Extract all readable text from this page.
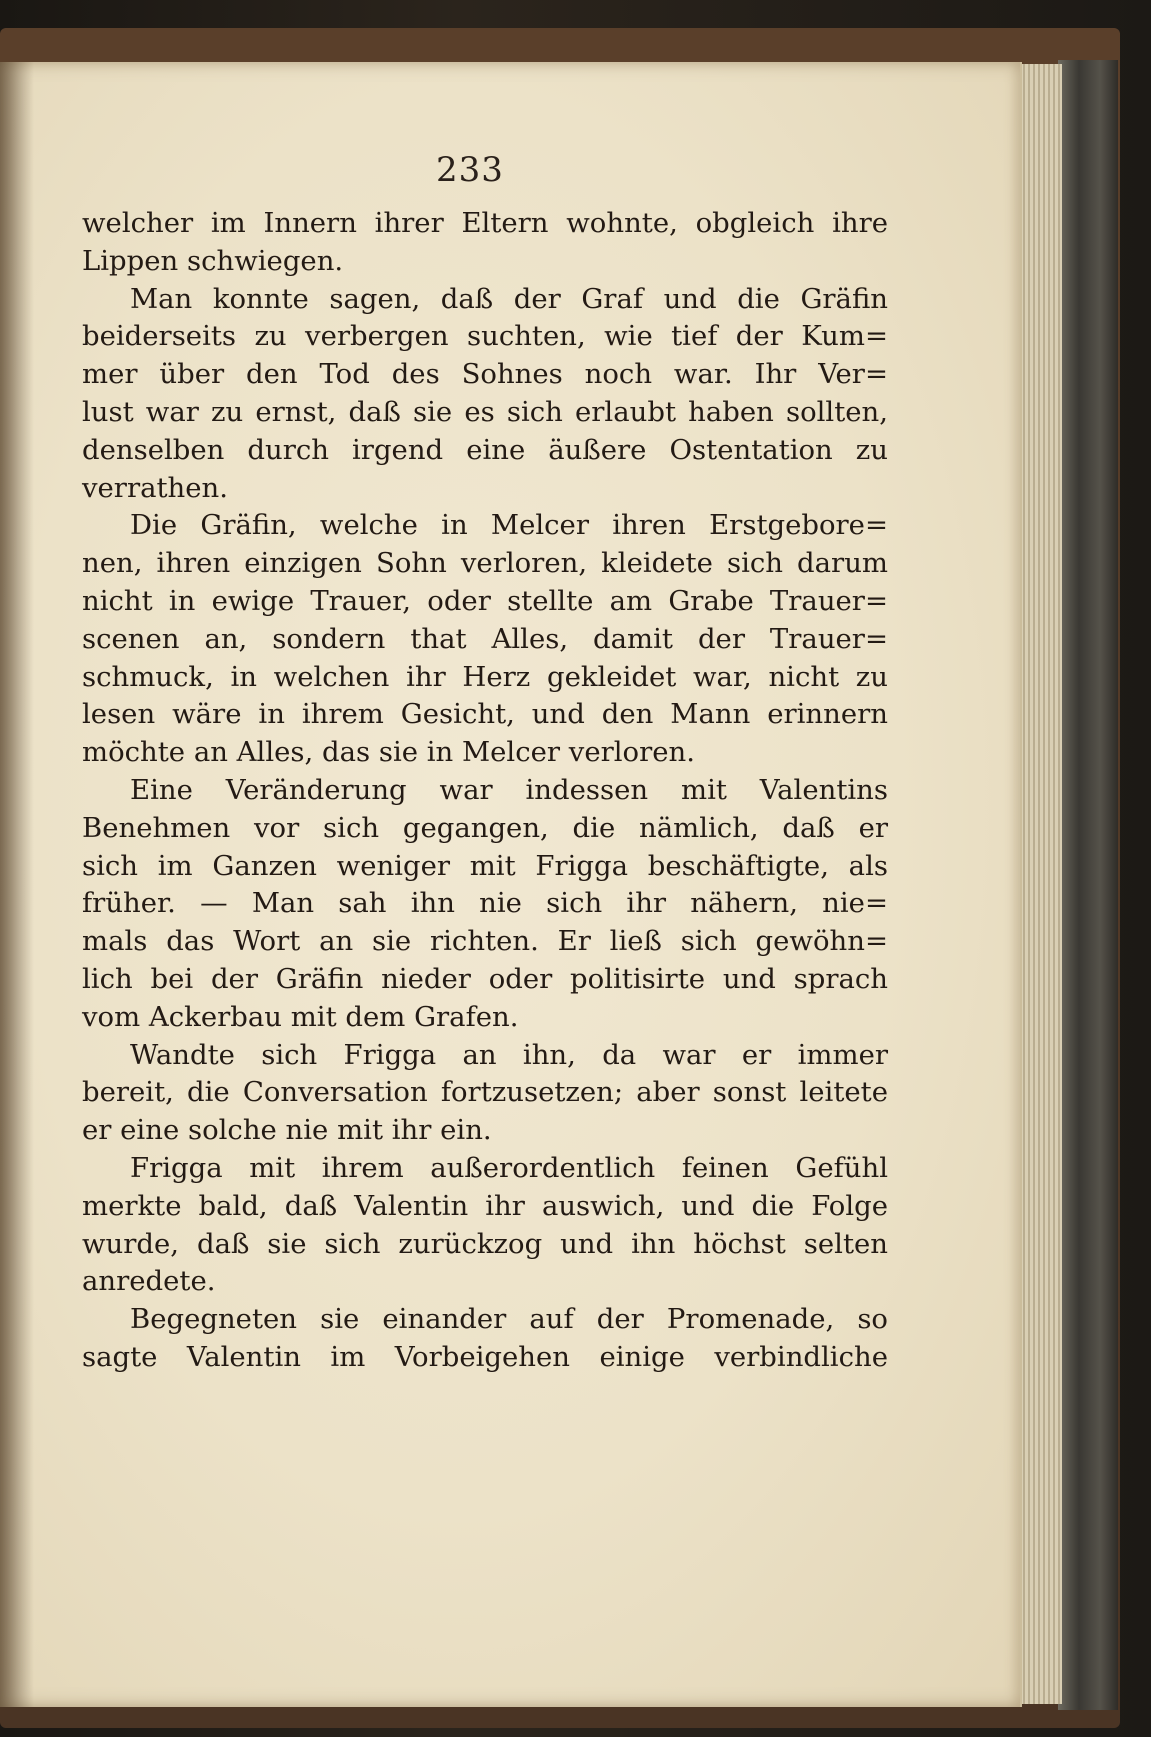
233
welcher im Innern ihrer Eltern wohnte, obgleich ihre
Lippen schwiegen.
Man konnte sagen, daß der Graf und die Gräfin
beiderseits zu verbergen suchten, wie tief der Kum=
mer über den Tod des Sohnes noch war. Ihr Ver=
lust war zu ernst, daß sie es sich erlaubt haben sollten,
denselben durch irgend eine äußere Ostentation zu
verrathen.
Die Gräfin, welche in Melcer ihren Erstgebore=
nen, ihren einzigen Sohn verloren, kleidete sich darum
nicht in ewige Trauer, oder stellte am Grabe Trauer=
scenen an, sondern that Alles, damit der Trauer=
schmuck, in welchen ihr Herz gekleidet war, nicht zu
lesen wäre in ihrem Gesicht, und den Mann erinnern
möchte an Alles, das sie in Melcer verloren.
Eine Veränderung war indessen mit Valentins
Benehmen vor sich gegangen, die nämlich, daß er
sich im Ganzen weniger mit Frigga beschäftigte, als
früher. — Man sah ihn nie sich ihr nähern, nie=
mals das Wort an sie richten. Er ließ sich gewöhn=
lich bei der Gräfin nieder oder politisirte und sprach
vom Ackerbau mit dem Grafen.
Wandte sich Frigga an ihn, da war er immer
bereit, die Conversation fortzusetzen; aber sonst leitete
er eine solche nie mit ihr ein.
Frigga mit ihrem außerordentlich feinen Gefühl
merkte bald, daß Valentin ihr auswich, und die Folge
wurde, daß sie sich zurückzog und ihn höchst selten
anredete.
Begegneten sie einander auf der Promenade, so
sagte Valentin im Vorbeigehen einige verbindliche
